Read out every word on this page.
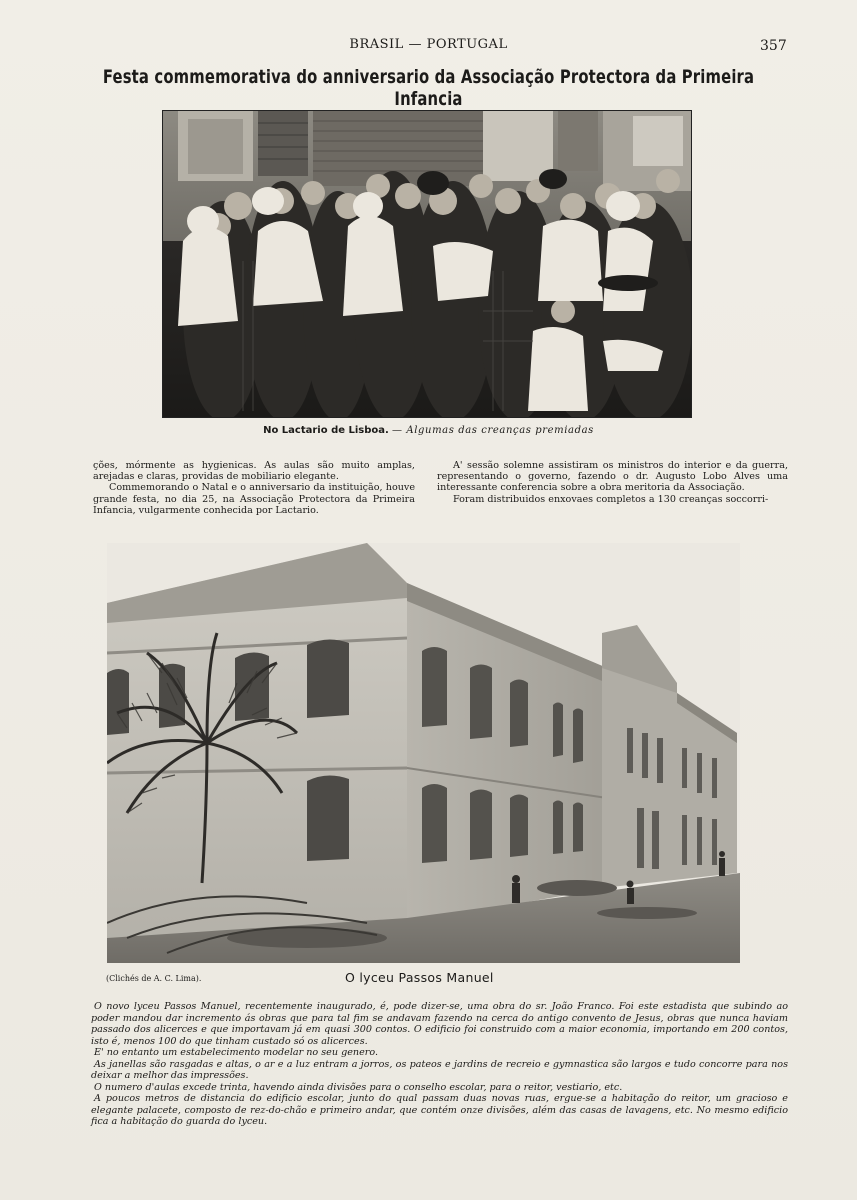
BRASIL — PORTUGAL	357
Festa commemorativa do anniversario da Associação Protectora da Primeira Infancia
No Lactario de Lisboa. — Algumas das creanças premiadas

ções, mórmente as hygienicas. As aulas são muito amplas, arejadas e claras, providas de mobiliario elegante.

Commemorando o Natal e o anniversario da instituição, houve grande festa, no dia 25, na Associação Protectora da Primeira Infancia, vulgarmente conhecida por Lactario.

A' sessão solemne assistiram os ministros do interior e da guerra, representando o governo, fazendo o dr. Augusto Lobo Alves uma interessante conferencia sobre a obra meritoria da Associação.

Foram distribuidos enxovaes completos a 130 creanças soccorri-

(Clichés de A. C. Lima).	O lyceu Passos Manuel

O novo lyceu Passos Manuel, recentemente inaugurado, é, pode dizer-se, uma obra do sr. João Franco. Foi este estadista que subindo ao poder mandou dar incremento ás obras que para tal fim se andavam fazendo na cerca do antigo convento de Jesus, obras que nunca haviam passado dos alicerces e que importavam já em quasi 300 contos. O edificio foi construido com a maior economia, importando em 200 contos, isto é, menos 100 do que tinham custado só os alicerces.

E' no entanto um estabelecimento modelar no seu genero.

As janellas são rasgadas e altas, o ar e a luz entram a jorros, os pateos e jardins de recreio e gymnastica são largos e tudo concorre para nos deixar a melhor das impressões.

O numero d'aulas excede trinta, havendo ainda divisões para o conselho escolar, para o reitor, vestiario, etc.

A poucos metros de distancia do edificio escolar, junto do qual passam duas novas ruas, ergue-se a habitação do reitor, um gracioso e elegante palacete, composto de rez-do-chão e primeiro andar, que contém onze divisões, além das casas de lavagens, etc. No mesmo edificio fica a habitação do guarda do lyceu.
